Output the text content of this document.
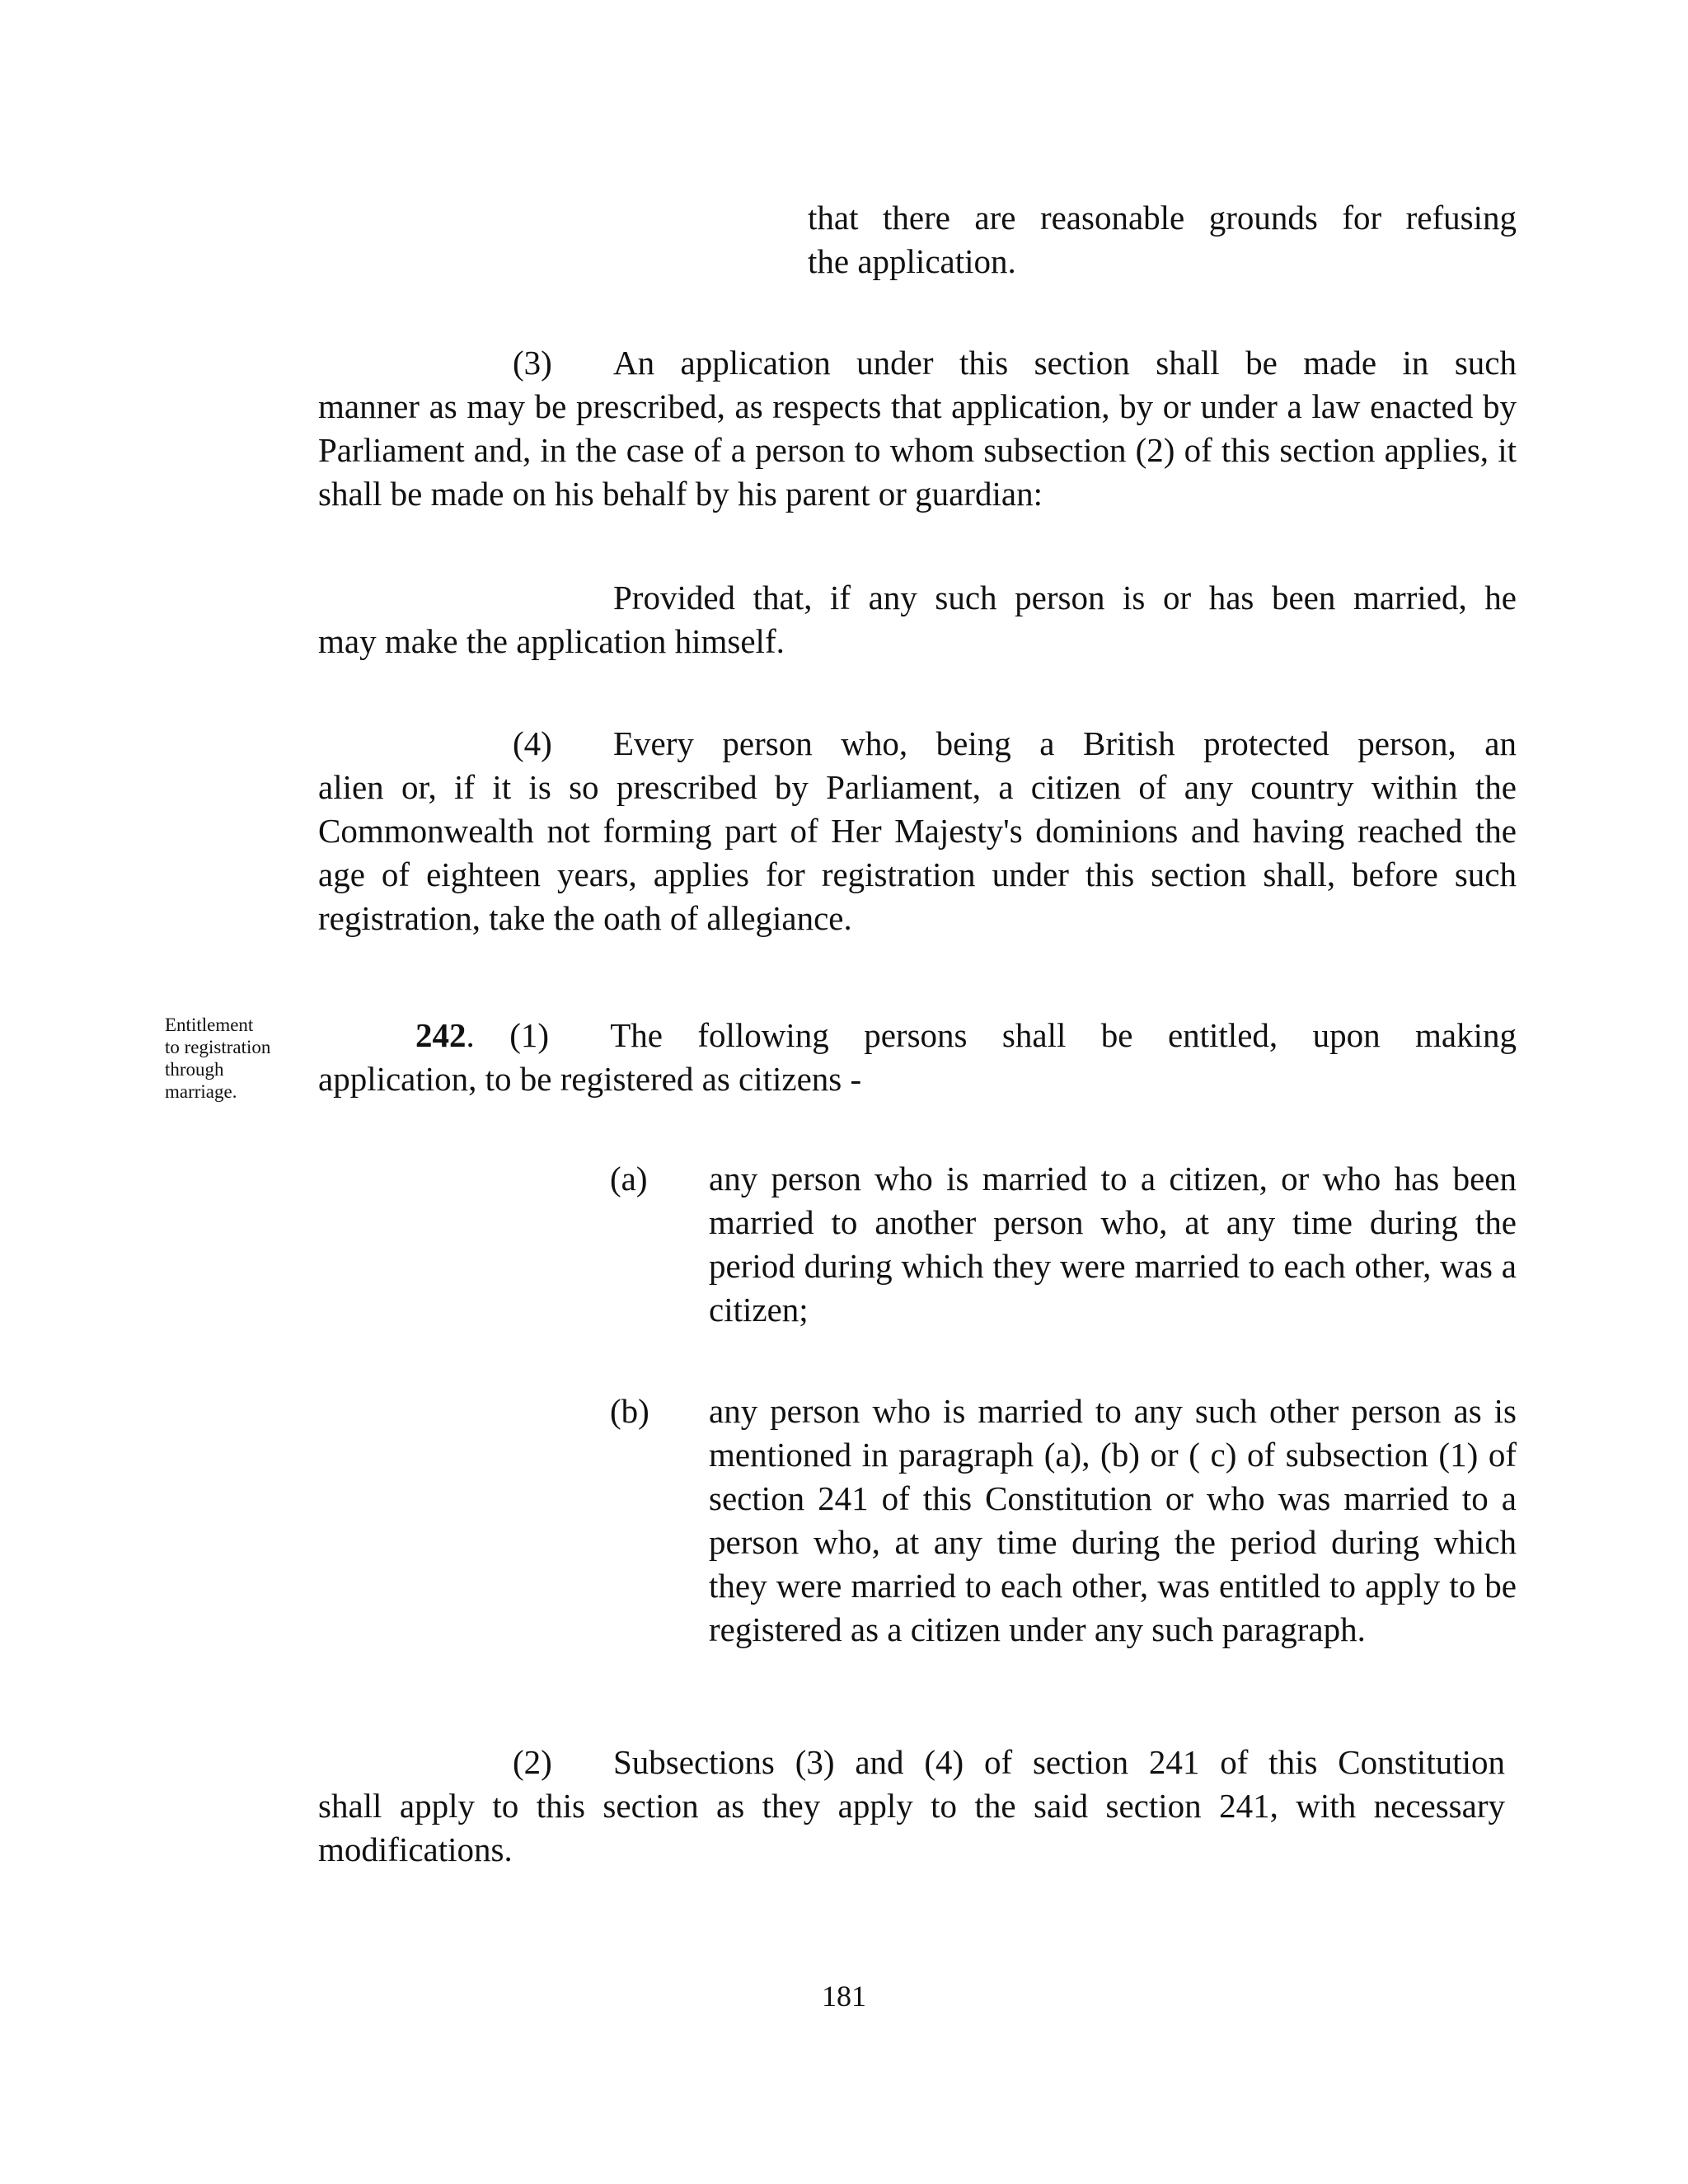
that there are reasonable grounds for refusing
the application.
(3) An application under this section shall be made in such
manner as may be prescribed, as respects that application, by or under a law enacted by Parliament and, in the case of a person to whom subsection (2) of this section applies, it shall be made on his behalf by his parent or guardian:
Provided that, if any such person is or has been married, he
may make the application himself.
(4) Every person who, being a British protected person, an
alien or, if it is so prescribed by Parliament, a citizen of any country within the Commonwealth not forming part of Her Majesty's dominions and having reached the age of eighteen years, applies for registration under this section shall, before such registration, take the oath of allegiance.
Entitlement to registration through marriage.
242. (1) The following persons shall be entitled, upon making
application, to be registered as citizens -
(a)	any person who is married to a citizen, or who has been married to another person who, at any time during the period during which they were married to each other, was a citizen;
(b)	any person who is married to any such other person as is mentioned in paragraph (a), (b) or ( c) of subsection (1) of section 241 of this Constitution or who was married to a person who, at any time during the period during which they were married to each other, was entitled to apply to be registered as a citizen under any such paragraph.
(2) Subsections (3) and (4) of section 241 of this Constitution
shall apply to this section as they apply to the said section 241, with necessary modifications.
181
